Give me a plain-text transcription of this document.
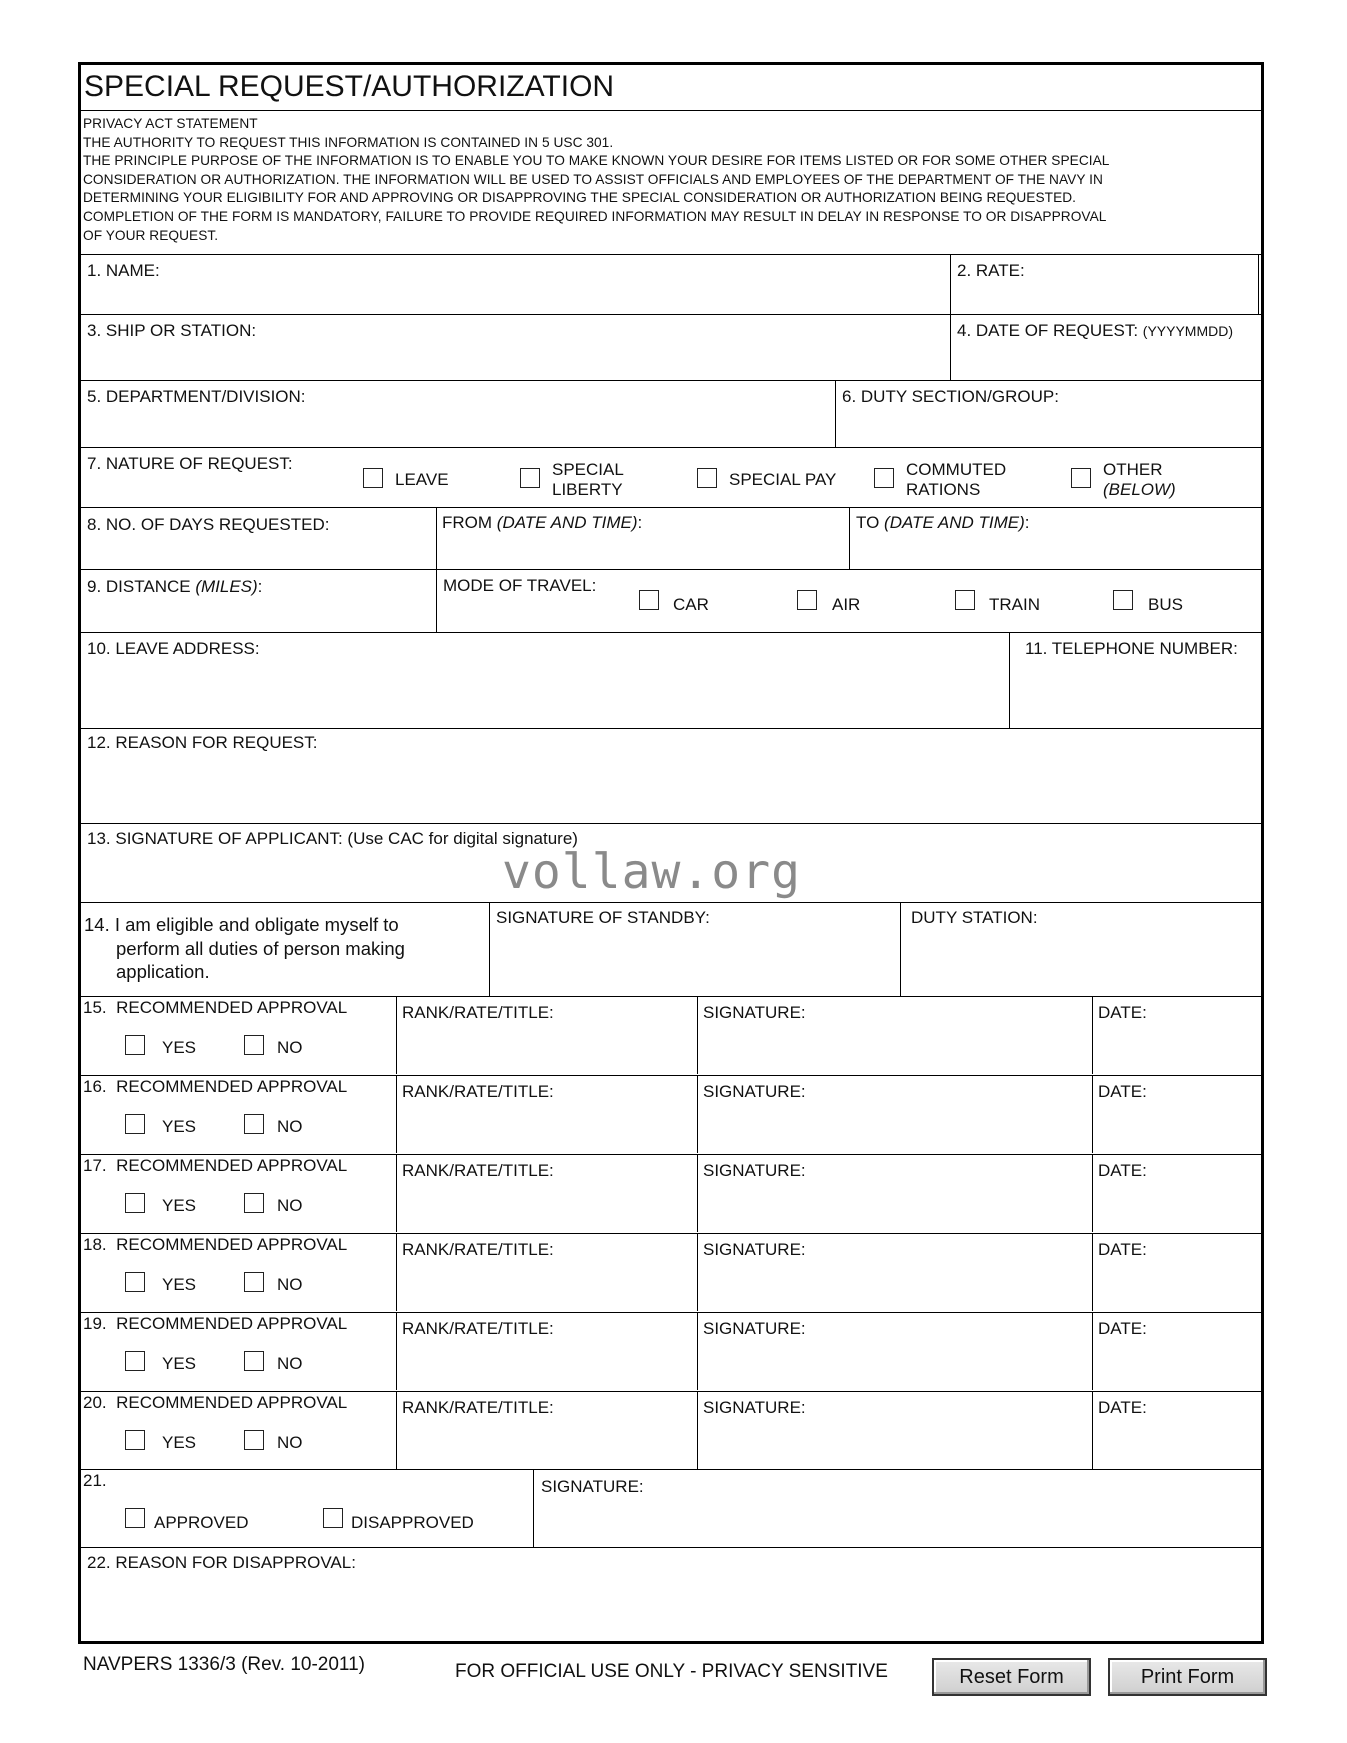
SPECIAL REQUEST/AUTHORIZATION
PRIVACY ACT STATEMENT
THE AUTHORITY TO REQUEST THIS INFORMATION IS CONTAINED IN 5 USC 301.
THE PRINCIPLE PURPOSE OF THE INFORMATION IS TO ENABLE YOU TO MAKE KNOWN YOUR DESIRE FOR ITEMS LISTED OR FOR SOME OTHER SPECIAL
CONSIDERATION OR AUTHORIZATION. THE INFORMATION WILL BE USED TO ASSIST OFFICIALS AND EMPLOYEES OF THE DEPARTMENT OF THE NAVY IN
DETERMINING YOUR ELIGIBILITY FOR AND APPROVING OR DISAPPROVING THE SPECIAL CONSIDERATION OR AUTHORIZATION BEING REQUESTED.
COMPLETION OF THE FORM IS MANDATORY, FAILURE TO PROVIDE REQUIRED INFORMATION MAY RESULT IN DELAY IN RESPONSE TO OR DISAPPROVAL
OF YOUR REQUEST.
1. NAME:	2. RATE:
3. SHIP OR STATION:	4. DATE OF REQUEST: (YYYYMMDD)
5. DEPARTMENT/DIVISION:	6. DUTY SECTION/GROUP:
7. NATURE OF REQUEST:
LEAVE
SPECIAL
LIBERTY
SPECIAL PAY
COMMUTED
RATIONS
OTHER
(BELOW)
8. NO. OF DAYS REQUESTED:	FROM (DATE AND TIME):	TO (DATE AND TIME):
9. DISTANCE (MILES):	MODE OF TRAVEL:
CAR	AIR	TRAIN	BUS
10. LEAVE ADDRESS:	11. TELEPHONE NUMBER:
12. REASON FOR REQUEST:
13. SIGNATURE OF APPLICANT: (Use CAC for digital signature)
14. I am eligible and obligate myself to
perform all duties of person making
application.
SIGNATURE OF STANDBY:	DUTY STATION:
15. RECOMMENDED APPROVAL
YES	NO
RANK/RATE/TITLE:	SIGNATURE:	DATE:
16. RECOMMENDED APPROVAL
YES	NO
RANK/RATE/TITLE:	SIGNATURE:	DATE:
17. RECOMMENDED APPROVAL
YES	NO
RANK/RATE/TITLE:	SIGNATURE:	DATE:
18. RECOMMENDED APPROVAL
YES	NO
RANK/RATE/TITLE:	SIGNATURE:	DATE:
19. RECOMMENDED APPROVAL
YES	NO
RANK/RATE/TITLE:	SIGNATURE:	DATE:
20. RECOMMENDED APPROVAL
YES	NO
RANK/RATE/TITLE:	SIGNATURE:	DATE:
21.
APPROVED	DISAPPROVED
SIGNATURE:
22. REASON FOR DISAPPROVAL:
vollaw.org
NAVPERS 1336/3 (Rev. 10-2011)	FOR OFFICIAL USE ONLY - PRIVACY SENSITIVE	Reset Form	Print Form
